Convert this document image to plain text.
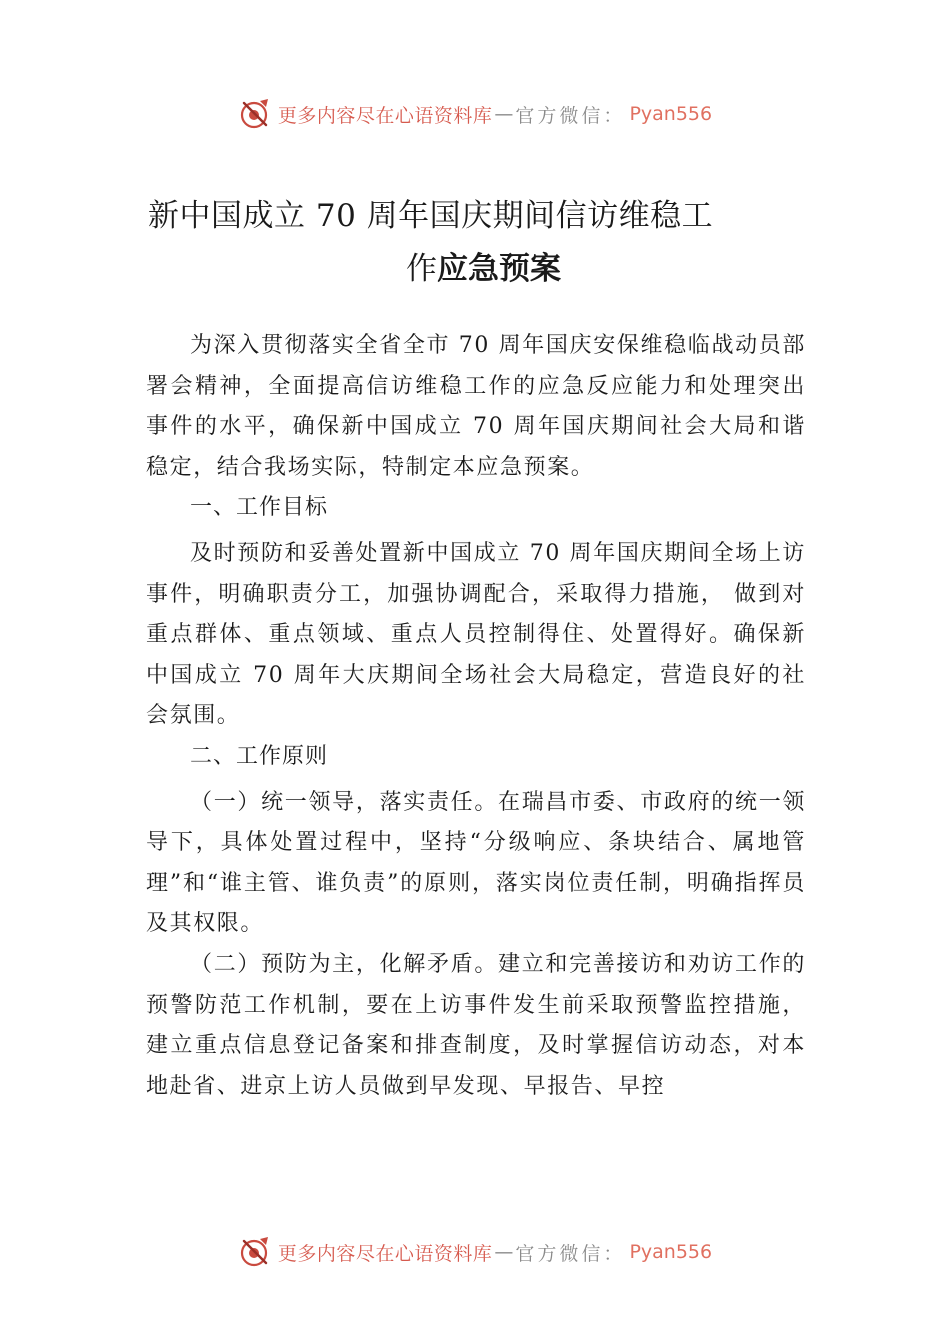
更多内容尽在心语资料库 — 官方微信： Pyan556
新中国成立 70 周年国庆期间信访维稳工
作应急预案

为深入贯彻落实全省全市 70 周年国庆安保维稳临战动员部署会精神，全面提高信访维稳工作的应急反应能力和处理突出事件的水平，确保新中国成立 70 周年国庆期间社会大局和谐稳定，结合我场实际，特制定本应急预案。

一、工作目标

及时预防和妥善处置新中国成立 70 周年国庆期间全场上访事件，明确职责分工，加强协调配合，采取得力措施， 做到对重点群体、重点领域、重点人员控制得住、处置得好。确保新中国成立 70 周年大庆期间全场社会大局稳定，营造良好的社会氛围。

二、工作原则

（一）统一领导，落实责任。在瑞昌市委、市政府的统一领导下，具体处置过程中，坚持“分级响应、条块结合、属地管理”和“谁主管、谁负责”的原则，落实岗位责任制，明确指挥员及其权限。

（二）预防为主，化解矛盾。建立和完善接访和劝访工作的预警防范工作机制，要在上访事件发生前采取预警监控措施，建立重点信息登记备案和排查制度，及时掌握信访动态，对本地赴省、进京上访人员做到早发现、早报告、早控

更多内容尽在心语资料库 — 官方微信： Pyan556
